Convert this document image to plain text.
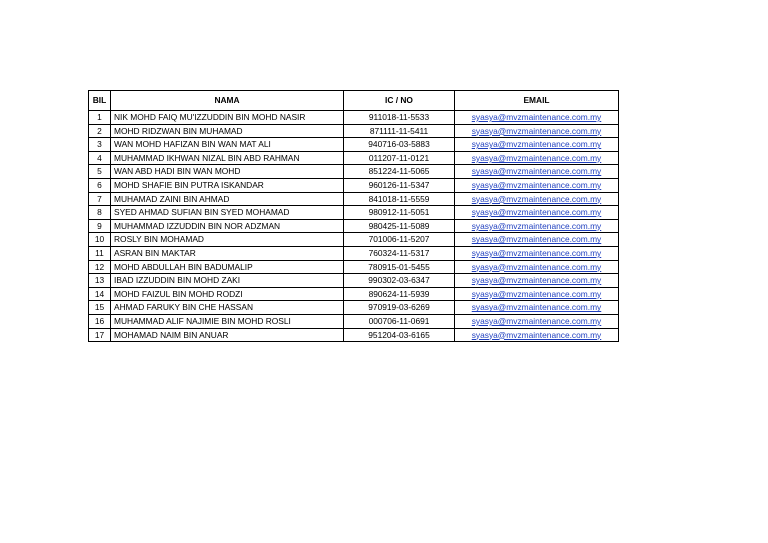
BIL	NAMA	IC / NO	EMAIL
1	NIK MOHD FAIQ MU'IZZUDDIN BIN MOHD NASIR	911018-11-5533	syasya@mvzmaintenance.com.my
2	MOHD RIDZWAN BIN MUHAMAD	871111-11-5411	syasya@mvzmaintenance.com.my
3	WAN MOHD HAFIZAN BIN WAN MAT ALI	940716-03-5883	syasya@mvzmaintenance.com.my
4	MUHAMMAD IKHWAN NIZAL BIN ABD RAHMAN	011207-11-0121	syasya@mvzmaintenance.com.my
5	WAN ABD HADI BIN WAN MOHD	851224-11-5065	syasya@mvzmaintenance.com.my
6	MOHD SHAFIE BIN PUTRA ISKANDAR	960126-11-5347	syasya@mvzmaintenance.com.my
7	MUHAMAD ZAINI BIN AHMAD	841018-11-5559	syasya@mvzmaintenance.com.my
8	SYED AHMAD SUFIAN BIN SYED MOHAMAD	980912-11-5051	syasya@mvzmaintenance.com.my
9	MUHAMMAD IZZUDDIN BIN NOR ADZMAN	980425-11-5089	syasya@mvzmaintenance.com.my
10	ROSLY BIN MOHAMAD	701006-11-5207	syasya@mvzmaintenance.com.my
11	ASRAN BIN MAKTAR	760324-11-5317	syasya@mvzmaintenance.com.my
12	MOHD ABDULLAH BIN BADUMALIP	780915-01-5455	syasya@mvzmaintenance.com.my
13	IBAD IZZUDDIN BIN MOHD ZAKI	990302-03-6347	syasya@mvzmaintenance.com.my
14	MOHD FAIZUL BIN MOHD RODZI	890624-11-5939	syasya@mvzmaintenance.com.my
15	AHMAD FARUKY BIN CHE HASSAN	970919-03-6269	syasya@mvzmaintenance.com.my
16	MUHAMMAD ALIF NAJIMIE BIN MOHD ROSLI	000706-11-0691	syasya@mvzmaintenance.com.my
17	MOHAMAD NAIM BIN ANUAR	951204-03-6165	syasya@mvzmaintenance.com.my
